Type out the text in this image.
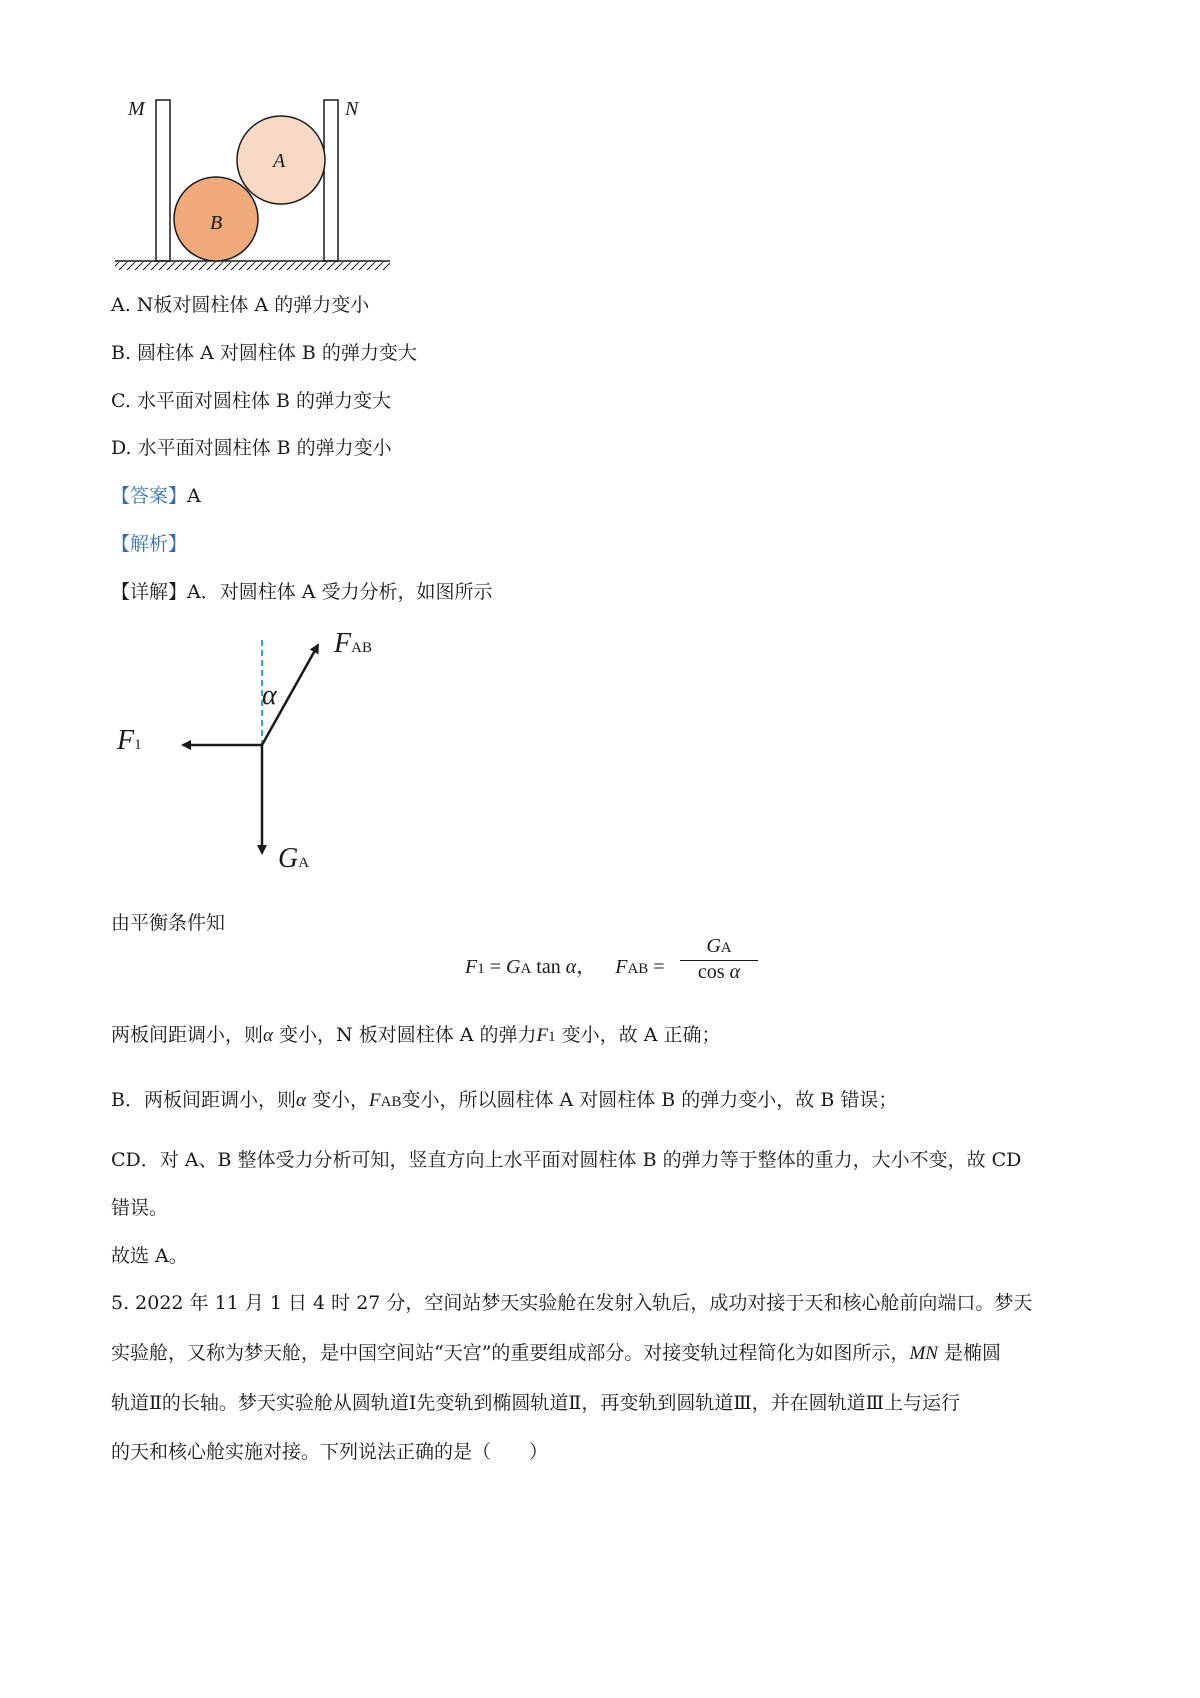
M	N
A
B
A. N板对圆柱体 A 的弹力变小
B. 圆柱体 A 对圆柱体 B 的弹力变大
C. 水平面对圆柱体 B 的弹力变大
D. 水平面对圆柱体 B 的弹力变小
【答案】A
【解析】
【详解】A．对圆柱体 A 受力分析，如图所示
FAB
α
F1
GA
由平衡条件知
F1 = GA tan α， FAB = $\frac{GA}{\text{cos α}}$
两板间距调小，则α 变小，N 板对圆柱体 A 的弹力F1 变小，故 A 正确；
B．两板间距调小，则α 变小，FAB变小，所以圆柱体 A 对圆柱体 B 的弹力变小，故 B 错误；
CD．对 A、B 整体受力分析可知，竖直方向上水平面对圆柱体 B 的弹力等于整体的重力，大小不变，故 CD
错误。
故选 A。
5. 2022 年 11 月 1 日 4 时 27 分，空间站梦天实验舱在发射入轨后，成功对接于天和核心舱前向端口。梦天
实验舱，又称为梦天舱，是中国空间站“天宫”的重要组成部分。对接变轨过程简化为如图所示，MN 是椭圆
轨道Ⅱ的长轴。梦天实验舱从圆轨道Ⅰ先变轨到椭圆轨道Ⅱ，再变轨到圆轨道Ⅲ，并在圆轨道Ⅲ上与运行
的天和核心舱实施对接。下列说法正确的是（　　）
